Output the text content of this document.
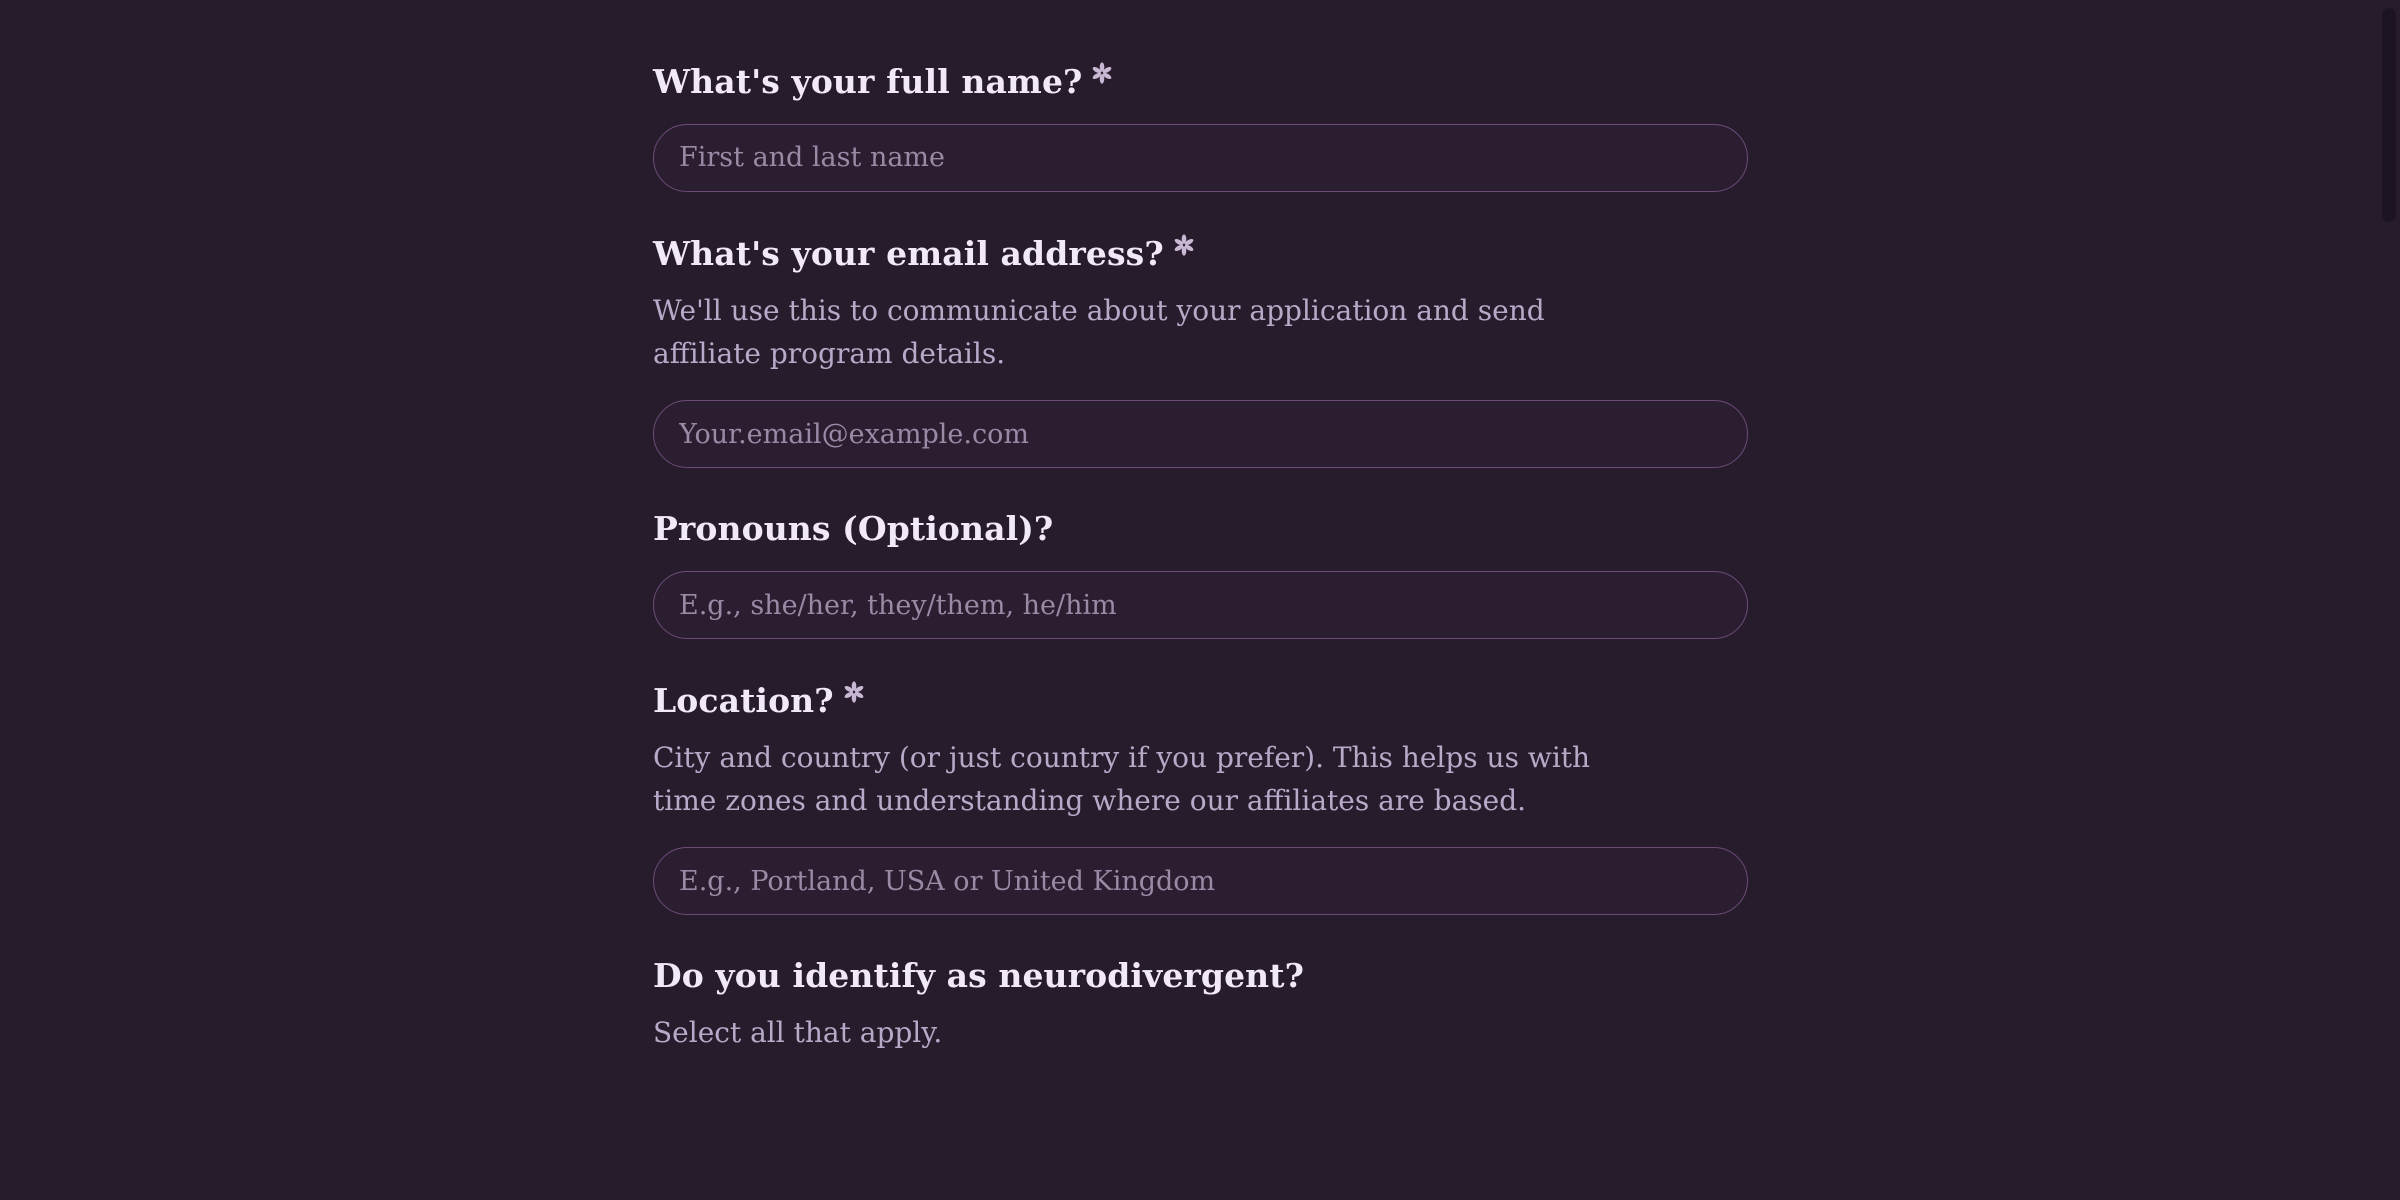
What's your full name?
First and last name
What's your email address?
We'll use this to communicate about your application and send affiliate program details.
Your.email@example.com
Pronouns (Optional)?
E.g., she/her, they/them, he/him
Location?
City and country (or just country if you prefer). This helps us with time zones and understanding where our affiliates are based.
E.g., Portland, USA or United Kingdom
Do you identify as neurodivergent?
Select all that apply.
